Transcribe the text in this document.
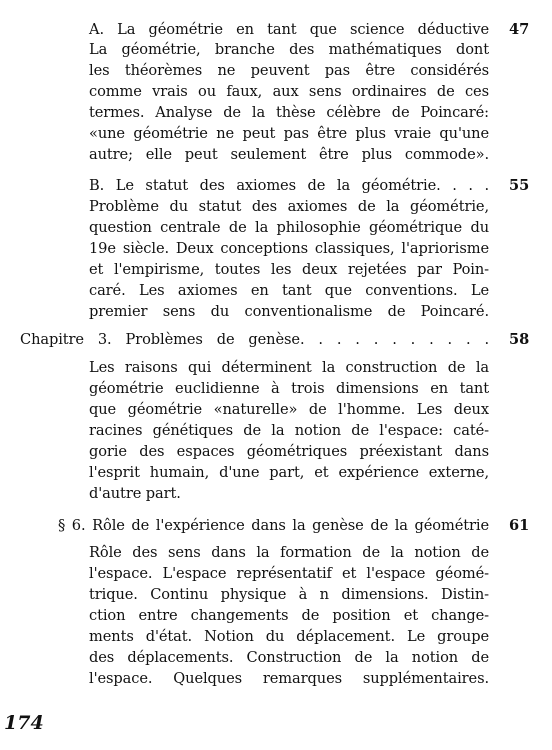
A. La géométrie en tant que science déductive 47
La géométrie, branche des mathématiques dont
les théorèmes ne peuvent pas être considérés
comme vrais ou faux, aux sens ordinaires de ces
termes. Analyse de la thèse célèbre de Poincaré:
«une géométrie ne peut pas être plus vraie qu'une
autre; elle peut seulement être plus commode».
B. Le statut des axiomes de la géométrie. . . . 55
Problème du statut des axiomes de la géométrie,
question centrale de la philosophie géométrique du
19e siècle. Deux conceptions classiques, l'apriorisme
et l'empirisme, toutes les deux rejetées par Poin-
caré. Les axiomes en tant que conventions. Le
premier sens du conventionalisme de Poincaré.
Chapitre 3. Problèmes de genèse. . . . . . . . . . . 58
Les raisons qui déterminent la construction de la
géométrie euclidienne à trois dimensions en tant
que géométrie «naturelle» de l'homme. Les deux
racines génétiques de la notion de l'espace: caté-
gorie des espaces géométriques préexistant dans
l'esprit humain, d'une part, et expérience externe,
d'autre part.
§ 6. Rôle de l'expérience dans la genèse de la géométrie 61
Rôle des sens dans la formation de la notion de
l'espace. L'espace représentatif et l'espace géomé-
trique. Continu physique à n dimensions. Distin-
ction entre changements de position et change-
ments d'état. Notion du déplacement. Le groupe
des déplacements. Construction de la notion de
l'espace. Quelques remarques supplémentaires.
174
